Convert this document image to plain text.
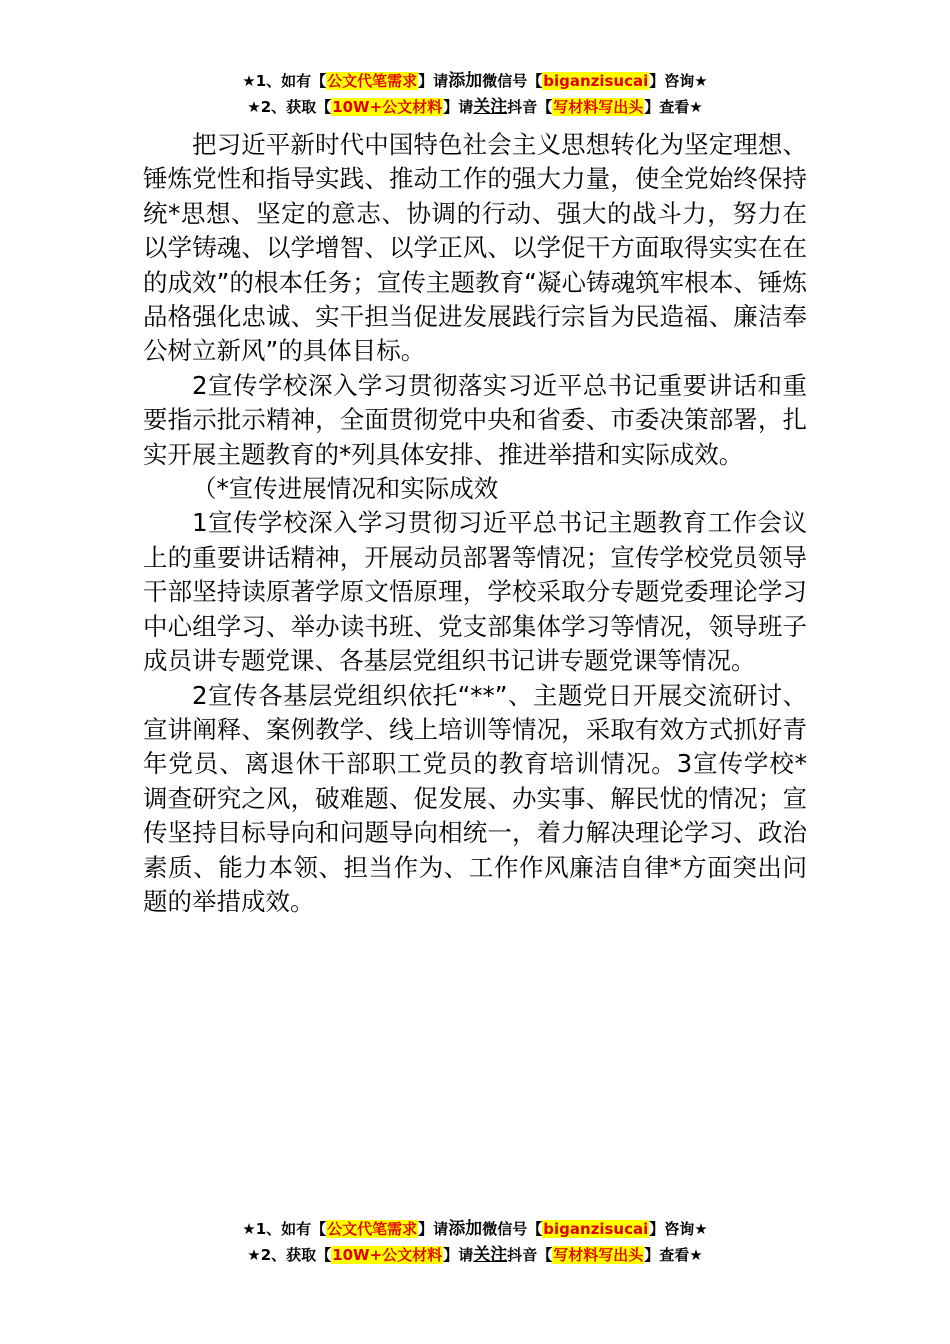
★1、如有【公文代笔需求】请添加微信号【biganzisucai】咨询★
★2、获取【10W+公文材料】请关注抖音【写材料写出头】查看★

把习近平新时代中国特色社会主义思想转化为坚定理想、锤炼党性和指导实践、推动工作的强大力量，使全党始终保持统*思想、坚定的意志、协调的行动、强大的战斗力，努力在以学铸魂、以学增智、以学正风、以学促干方面取得实实在在的成效”的根本任务；宣传主题教育“凝心铸魂筑牢根本、锤炼品格强化忠诚、实干担当促进发展践行宗旨为民造福、廉洁奉公树立新风”的具体目标。

2宣传学校深入学习贯彻落实习近平总书记重要讲话和重要指示批示精神，全面贯彻党中央和省委、市委决策部署，扎实开展主题教育的*列具体安排、推进举措和实际成效。

（*宣传进展情况和实际成效

1宣传学校深入学习贯彻习近平总书记主题教育工作会议上的重要讲话精神，开展动员部署等情况；宣传学校党员领导干部坚持读原著学原文悟原理，学校采取分专题党委理论学习中心组学习、举办读书班、党支部集体学习等情况，领导班子成员讲专题党课、各基层党组织书记讲专题党课等情况。

2宣传各基层党组织依托“**”、主题党日开展交流研讨、宣讲阐释、案例教学、线上培训等情况，采取有效方式抓好青年党员、离退休干部职工党员的教育培训情况。3宣传学校*调查研究之风，破难题、促发展、办实事、解民忧的情况；宣传坚持目标导向和问题导向相统一，着力解决理论学习、政治素质、能力本领、担当作为、工作作风廉洁自律*方面突出问题的举措成效。

★1、如有【公文代笔需求】请添加微信号【biganzisucai】咨询★
★2、获取【10W+公文材料】请关注抖音【写材料写出头】查看★
